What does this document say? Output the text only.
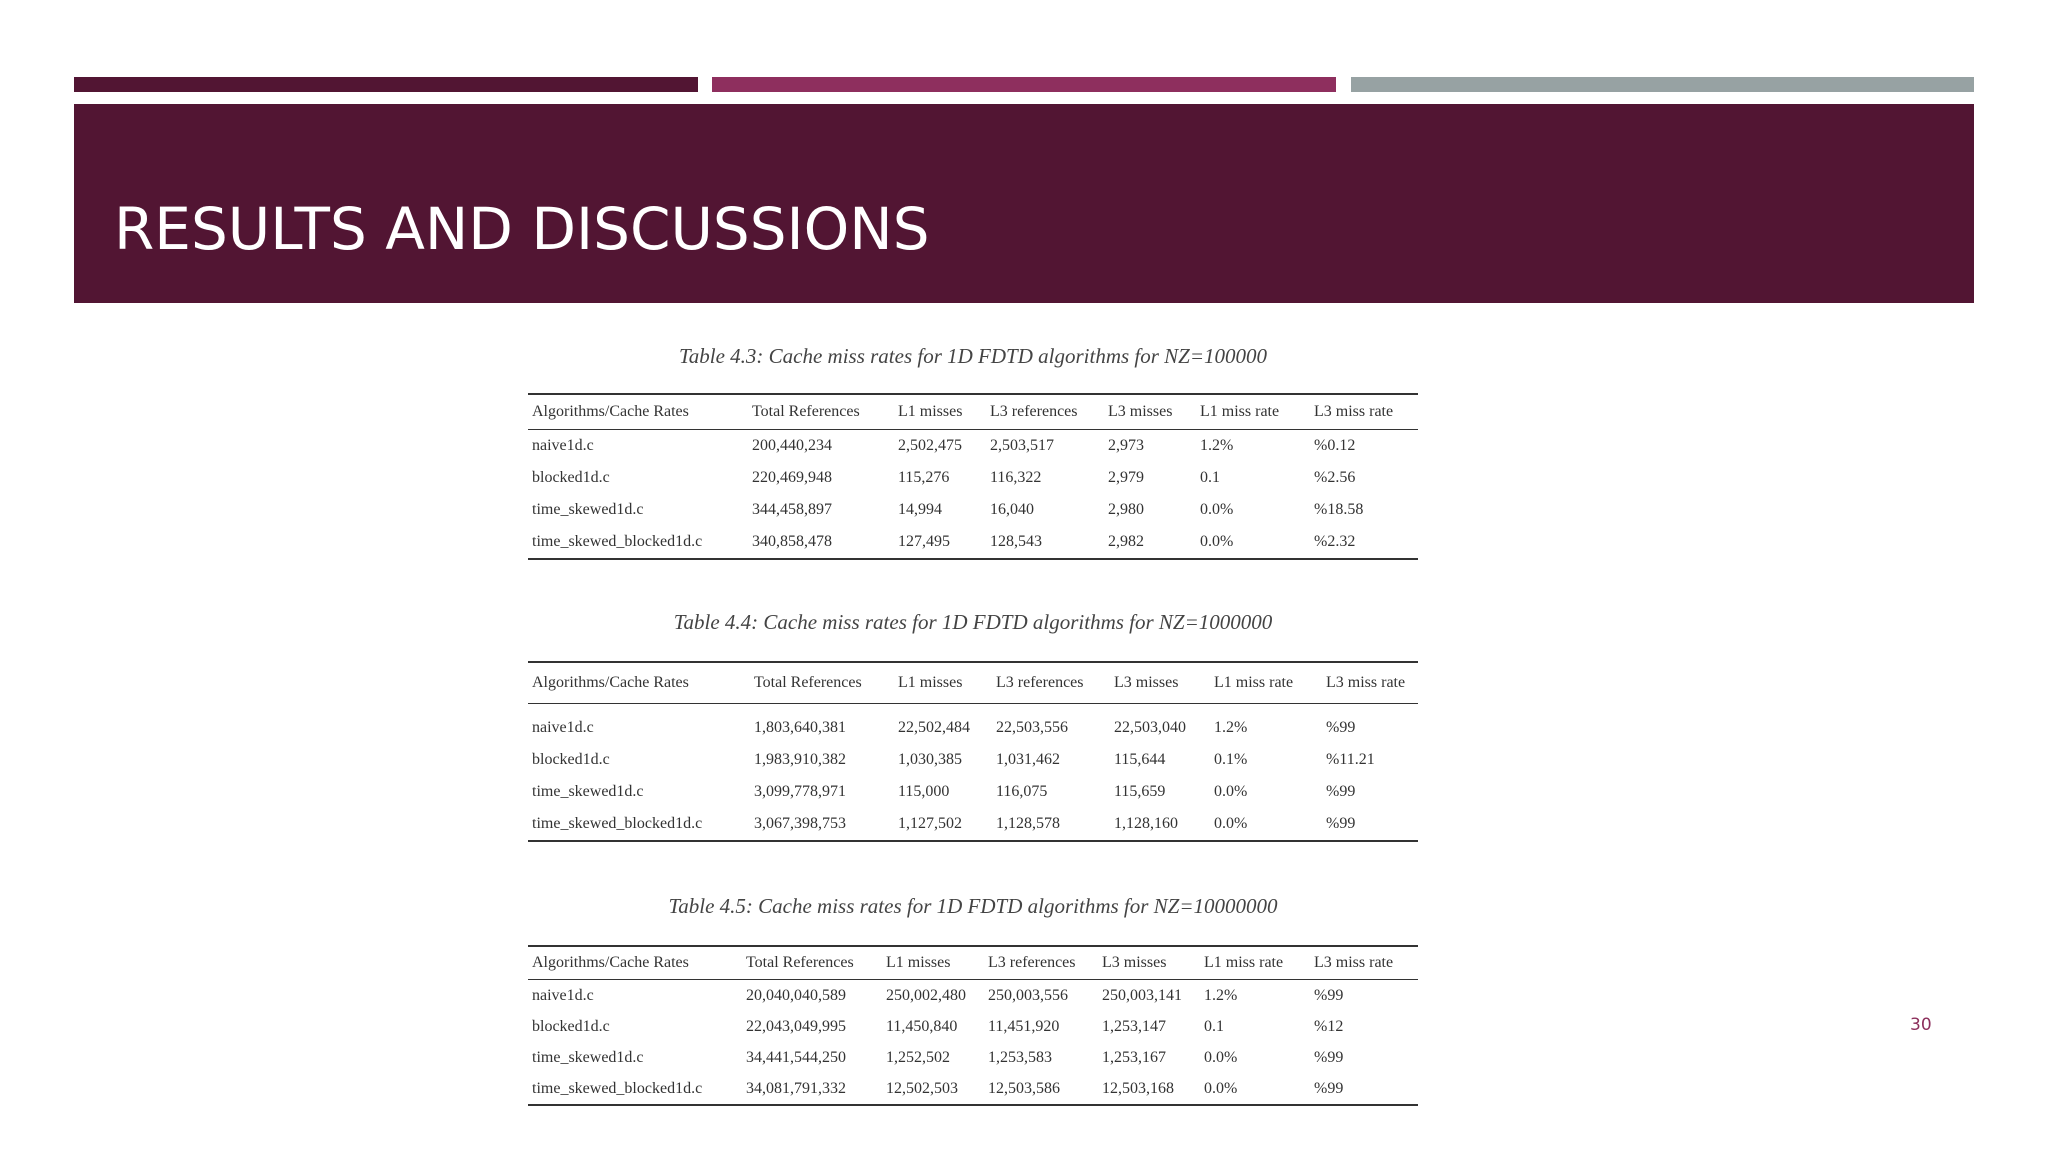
RESULTS AND DISCUSSIONS
Table 4.3: Cache miss rates for 1D FDTD algorithms for NZ=100000
Algorithms/Cache Rates	Total References	L1 misses	L3 references	L3 misses	L1 miss rate	L3 miss rate
naive1d.c	200,440,234	2,502,475	2,503,517	2,973	1.2%	%0.12
blocked1d.c	220,469,948	115,276	116,322	2,979	0.1	%2.56
time_skewed1d.c	344,458,897	14,994	16,040	2,980	0.0%	%18.58
time_skewed_blocked1d.c	340,858,478	127,495	128,543	2,982	0.0%	%2.32
Table 4.4: Cache miss rates for 1D FDTD algorithms for NZ=1000000
Algorithms/Cache Rates	Total References	L1 misses	L3 references	L3 misses	L1 miss rate	L3 miss rate
naive1d.c	1,803,640,381	22,502,484	22,503,556	22,503,040	1.2%	%99
blocked1d.c	1,983,910,382	1,030,385	1,031,462	115,644	0.1%	%11.21
time_skewed1d.c	3,099,778,971	115,000	116,075	115,659	0.0%	%99
time_skewed_blocked1d.c	3,067,398,753	1,127,502	1,128,578	1,128,160	0.0%	%99
Table 4.5: Cache miss rates for 1D FDTD algorithms for NZ=10000000
Algorithms/Cache Rates	Total References	L1 misses	L3 references	L3 misses	L1 miss rate	L3 miss rate
naive1d.c	20,040,040,589	250,002,480	250,003,556	250,003,141	1.2%	%99
blocked1d.c	22,043,049,995	11,450,840	11,451,920	1,253,147	0.1	%12
time_skewed1d.c	34,441,544,250	1,252,502	1,253,583	1,253,167	0.0%	%99
time_skewed_blocked1d.c	34,081,791,332	12,502,503	12,503,586	12,503,168	0.0%	%99
30
